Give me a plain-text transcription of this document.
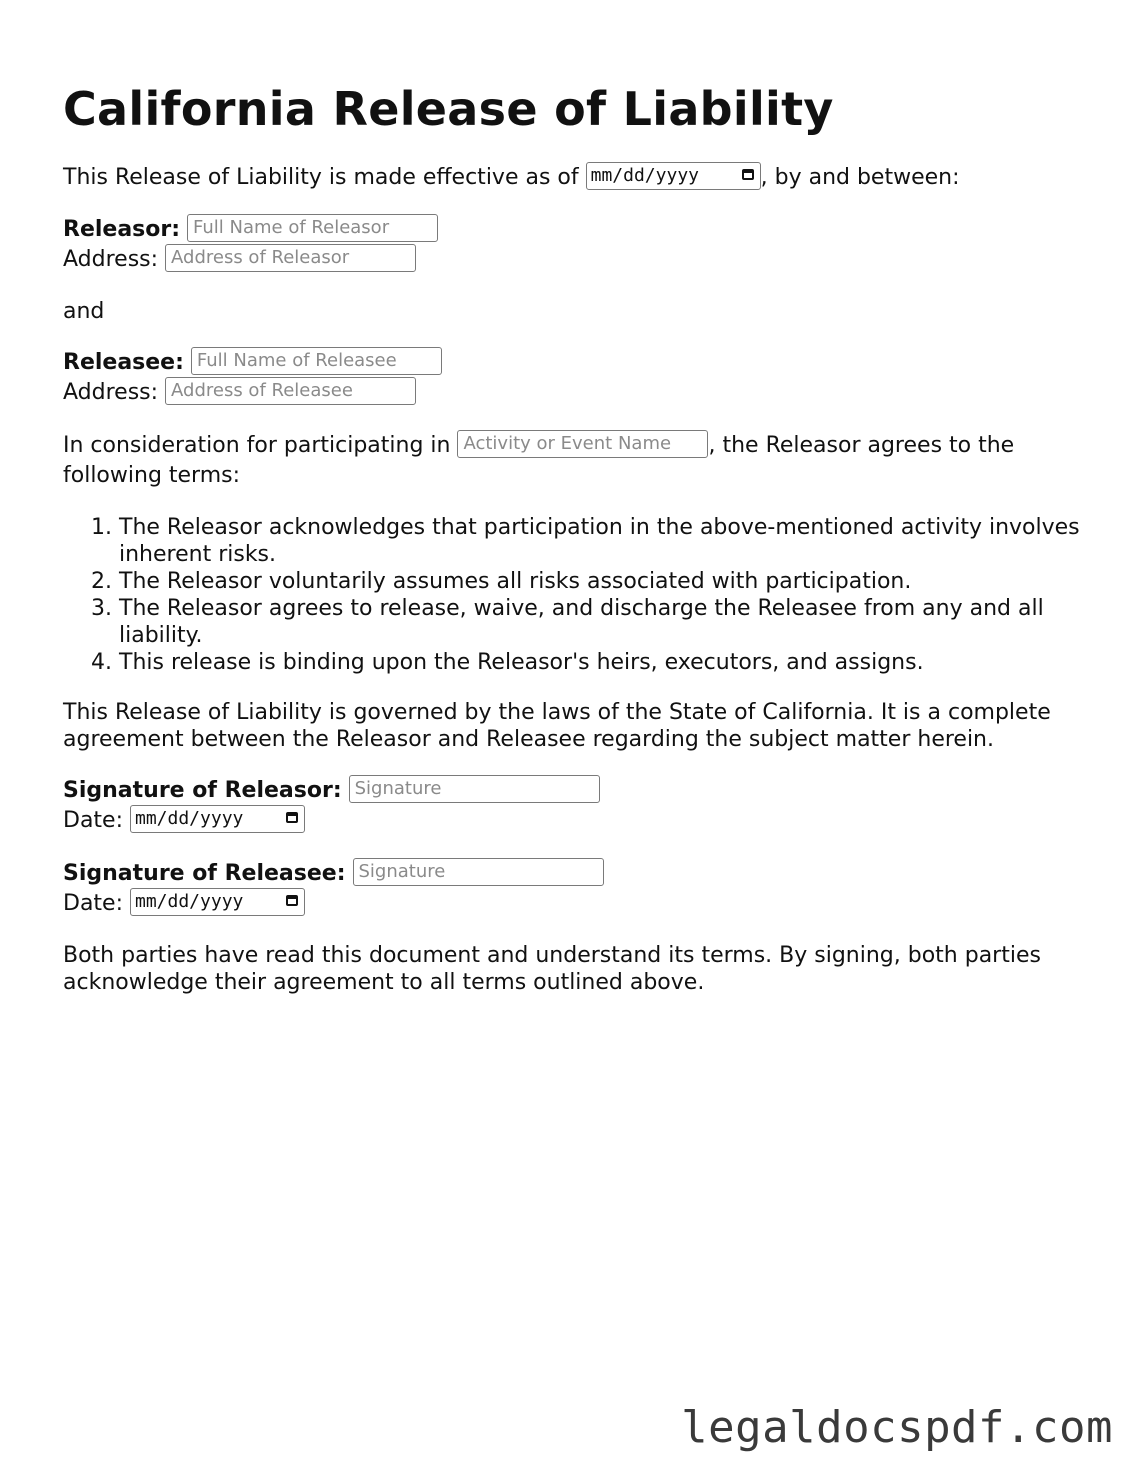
California Release of Liability

This Release of Liability is made effective as of mm/dd/yyyy	, by and between:

Releasor: Full Name of Releasor
Address: Address of Releasor

and

Releasee: Full Name of Releasee
Address: Address of Releasee

In consideration for participating in Activity or Event Name , the Releasor agrees to the following terms:

1. The Releasor acknowledges that participation in the above-mentioned activity involves inherent risks.
2. The Releasor voluntarily assumes all risks associated with participation.
3. The Releasor agrees to release, waive, and discharge the Releasee from any and all liability.
4. This release is binding upon the Releasor's heirs, executors, and assigns.

This Release of Liability is governed by the laws of the State of California. It is a complete agreement between the Releasor and Releasee regarding the subject matter herein.

Signature of Releasor: Signature
Date: mm/dd/yyyy
Signature of Releasee: Signature
Date: mm/dd/yyyy

Both parties have read this document and understand its terms. By signing, both parties acknowledge their agreement to all terms outlined above.

legaldocspdf.com
